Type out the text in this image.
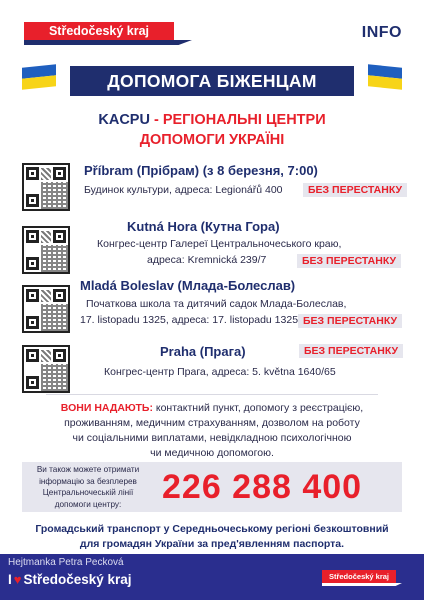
Středočeský kraj	INFO
ДОПОМОГА БІЖЕНЦАМ
KACPU - РЕГІОНАЛЬНІ ЦЕНТРИ
ДОПОМОГИ УКРАЇНІ
Příbram (Прібрам) (з 8 березня, 7:00)
Будинок культури, адреса: Legionářů 400	БЕЗ ПЕРЕСТАНКУ
Kutná Hora (Кутна Гора)
Конгрес-центр Галереї Центральночеського краю,
адреса: Kremnická 239/7	БЕЗ ПЕРЕСТАНКУ
Mladá Boleslav (Млада-Болеслав)
Початкова школа та дитячий садок Млада-Болеслав,
17. listopadu 1325, адреса: 17. listopadu 1325 БЕЗ ПЕРЕСТАНКУ
Praha (Прага)	БЕЗ ПЕРЕСТАНКУ
Конгрес-центр Прага, адреса: 5. května 1640/65
ВОНИ НАДАЮТЬ: контактний пункт, допомогу з реєстрацією,
проживанням, медичним страхуванням, дозволом на роботу
чи соціальними виплатами, невідкладною психологічною
чи медичною допомогою.
Ви також можете отримати
інформацію за безплерев
Центральночеській лінії
допомоги центру:	226 288 400
Громадський транспорт у Середньочеському регіоні безкоштовний
для громадян України за пред'явленням паспорта.
Hejtmanka Petra Pecková
I ♥ Středočeský kraj	Středočeský kraj
